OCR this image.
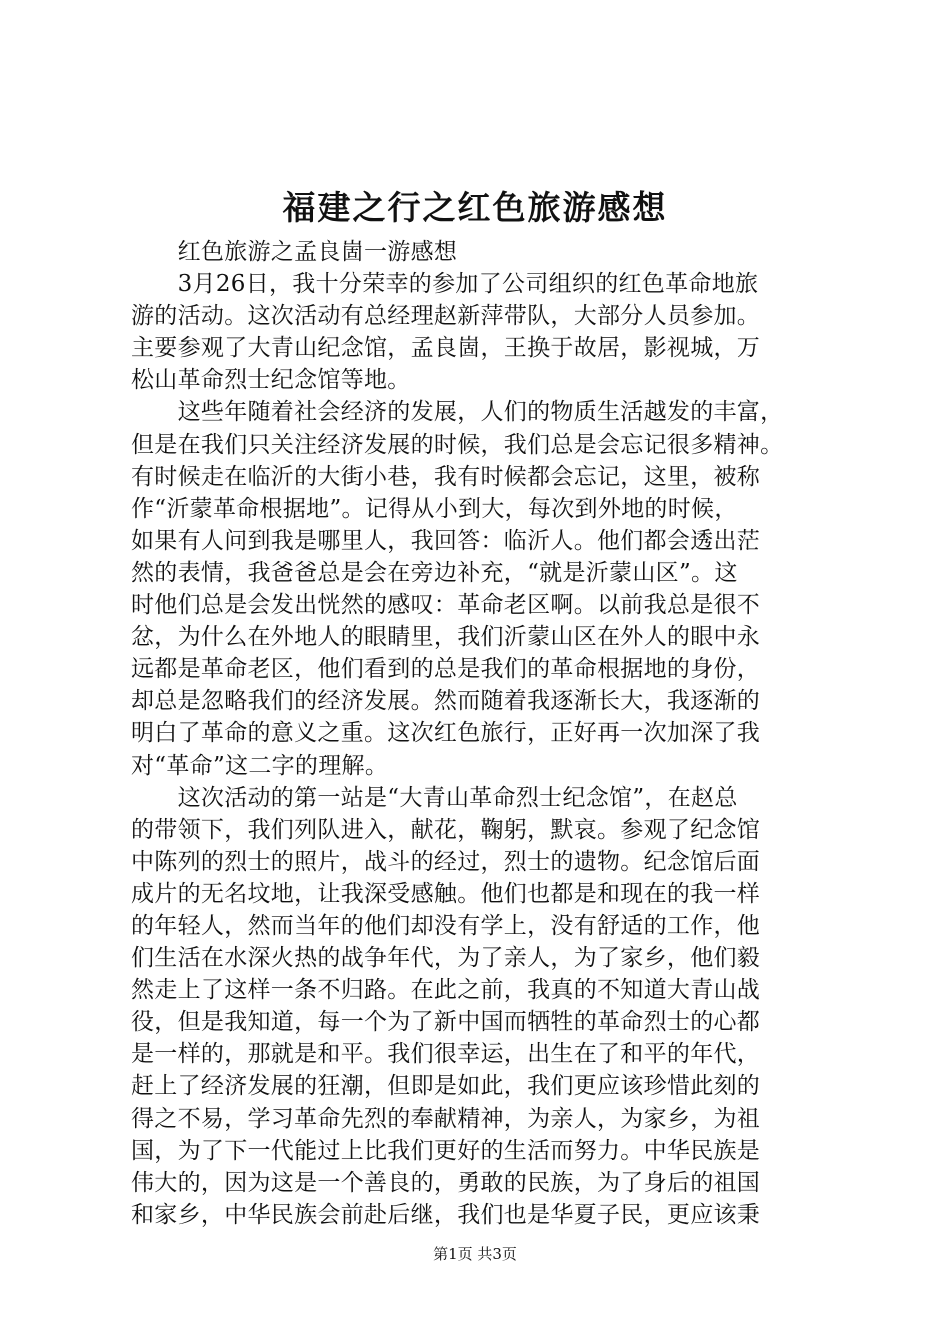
福建之行之红色旅游感想
　　红色旅游之孟良崮一游感想
　　3月26日，我十分荣幸的参加了公司组织的红色革命地旅
游的活动。这次活动有总经理赵新萍带队，大部分人员参加。
主要参观了大青山纪念馆，孟良崮，王换于故居，影视城，万
松山革命烈士纪念馆等地。
　　这些年随着社会经济的发展，人们的物质生活越发的丰富，
但是在我们只关注经济发展的时候，我们总是会忘记很多精神。
有时候走在临沂的大街小巷，我有时候都会忘记，这里，被称
作“沂蒙革命根据地”。记得从小到大，每次到外地的时候，
如果有人问到我是哪里人，我回答：临沂人。他们都会透出茫
然的表情，我爸爸总是会在旁边补充，“就是沂蒙山区”。这
时他们总是会发出恍然的感叹：革命老区啊。以前我总是很不
忿，为什么在外地人的眼睛里，我们沂蒙山区在外人的眼中永
远都是革命老区，他们看到的总是我们的革命根据地的身份，
却总是忽略我们的经济发展。然而随着我逐渐长大，我逐渐的
明白了革命的意义之重。这次红色旅行，正好再一次加深了我
对“革命”这二字的理解。
　　这次活动的第一站是“大青山革命烈士纪念馆”，在赵总
的带领下，我们列队进入，献花，鞠躬，默哀。参观了纪念馆
中陈列的烈士的照片，战斗的经过，烈士的遗物。纪念馆后面
成片的无名坟地，让我深受感触。他们也都是和现在的我一样
的年轻人，然而当年的他们却没有学上，没有舒适的工作，他
们生活在水深火热的战争年代，为了亲人，为了家乡，他们毅
然走上了这样一条不归路。在此之前，我真的不知道大青山战
役，但是我知道，每一个为了新中国而牺牲的革命烈士的心都
是一样的，那就是和平。我们很幸运，出生在了和平的年代，
赶上了经济发展的狂潮，但即是如此，我们更应该珍惜此刻的
得之不易，学习革命先烈的奉献精神，为亲人，为家乡，为祖
国，为了下一代能过上比我们更好的生活而努力。中华民族是
伟大的，因为这是一个善良的，勇敢的民族，为了身后的祖国
和家乡，中华民族会前赴后继，我们也是华夏子民，更应该秉
第1页 共3页
